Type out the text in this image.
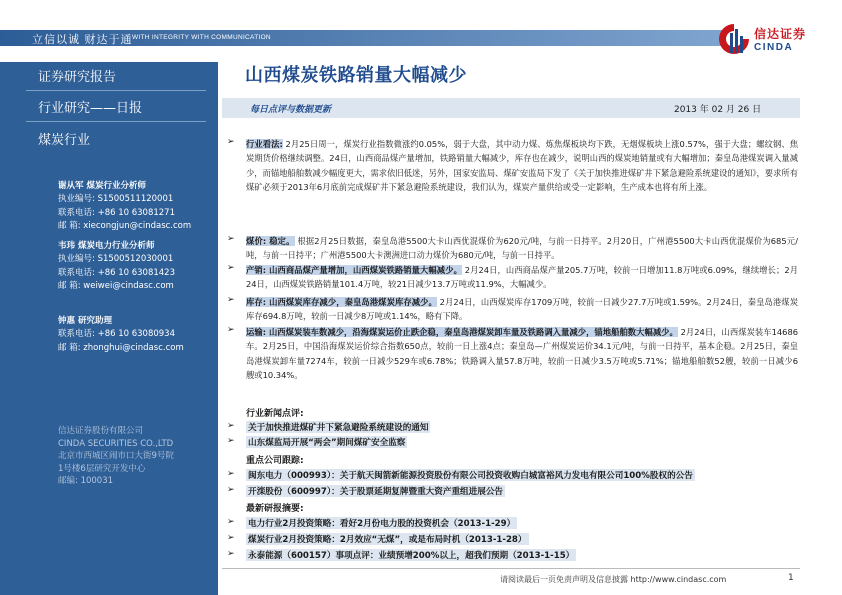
立信以诚 财达于通 WITH INTEGRITY WITH COMMUNICATION	信达证券
CINDA
证券研究报告
行业研究——日报
煤炭行业
谢从军 煤炭行业分析师
执业编号: S1500511120001
联系电话: +86 10 63081271
邮 箱: xiecongjun@cindasc.com
韦玮 煤炭电力行业分析师
执业编号: S1500512030001
联系电话: +86 10 63081423
邮 箱: weiwei@cindasc.com
钟惠 研究助理
联系电话: +86 10 63080934
邮 箱: zhonghui@cindasc.com
信达证券股份有限公司
CINDA SECURITIES CO.,LTD
北京市西城区闹市口大街9号院
1号楼6层研究开发中心
邮编: 100031
山西煤炭铁路销量大幅减少
每日点评与数据更新	2013 年 02 月 26 日
➢ 行业看法: 2月25日周一，煤炭行业指数微涨约0.05%，弱于大盘，其中动力煤、炼焦煤板块均下跌，无烟煤板块上涨0.57%，强于大盘；螺纹钢、焦炭期货价格继续调整。24日，山西商品煤产量增加，铁路销量大幅减少，库存也在减少，说明山西的煤炭地销量或有大幅增加；秦皇岛港煤炭调入量减少，而锚地船舶数减少幅度更大，需求依旧低迷，另外，国家安监局、煤矿安监局下发了《关于加快推进煤矿井下紧急避险系统建设的通知》，要求所有煤矿必须于2013年6月底前完成煤矿井下紧急避险系统建设，我们认为，煤炭产量供给或受一定影响，生产成本也将有所上涨。
➢ 煤价: 稳定。 根据2月25日数据，秦皇岛港5500大卡山西优混煤价为620元/吨，与前一日持平。2月20日，广州港5500大卡山西优混煤价为685元/吨，与前一日持平；广州港5500大卡澳洲进口动力煤价为680元/吨，与前一日持平。
➢ 产销: 山西商品煤产量增加，山西煤炭铁路销量大幅减少。 2月24日，山西商品煤产量205.7万吨，较前一日增加11.8万吨或6.09%，继续增长；2月24日，山西煤炭铁路销量101.4万吨，较21日减少13.7万吨或11.9%，大幅减少。
➢ 库存: 山西煤炭库存减少，秦皇岛港煤炭库存减少。 2月24日，山西煤炭库存1709万吨，较前一日减少27.7万吨或1.59%。2月24日，秦皇岛港煤炭库存694.8万吨，较前一日减少8万吨或1.14%，略有下降。
➢ 运输: 山西煤炭装车数减少，沿海煤炭运价止跌企稳，秦皇岛港煤炭卸车量及铁路调入量减少，锚地船舶数大幅减少。 2月24日，山西煤炭装车14686车。2月25日，中国沿海煤炭运价综合指数650点，较前一日上涨4点；秦皇岛—广州煤炭运价34.1元/吨，与前一日持平，基本企稳。2月25日，秦皇岛港煤炭卸车量7274车，较前一日减少529车或6.78%；铁路调入量57.8万吨，较前一日减少3.5万吨或5.71%；锚地船舶数52艘，较前一日减少6艘或10.34%。
行业新闻点评:
➢ 关于加快推进煤矿井下紧急避险系统建设的通知
➢ 山东煤监局开展“两会”期间煤矿安全监察
重点公司跟踪:
➢ 闽东电力（000993）：关于航天闽箭新能源投资股份有限公司投资收购白城富裕风力发电有限公司100%股权的公告
➢ 开滦股份（600997）：关于股票延期复牌暨重大资产重组进展公告
最新研报摘要:
➢ 电力行业2月投资策略：看好2月份电力股的投资机会（2013-1-29）
➢ 煤炭行业2月投资策略：2月效应“无煤”，或是布局时机（2013-1-28）
➢ 永泰能源（600157）事项点评：业绩预增200%以上，超我们预期（2013-1-15）
请阅读最后一页免责声明及信息披露 http://www.cindasc.com	1
